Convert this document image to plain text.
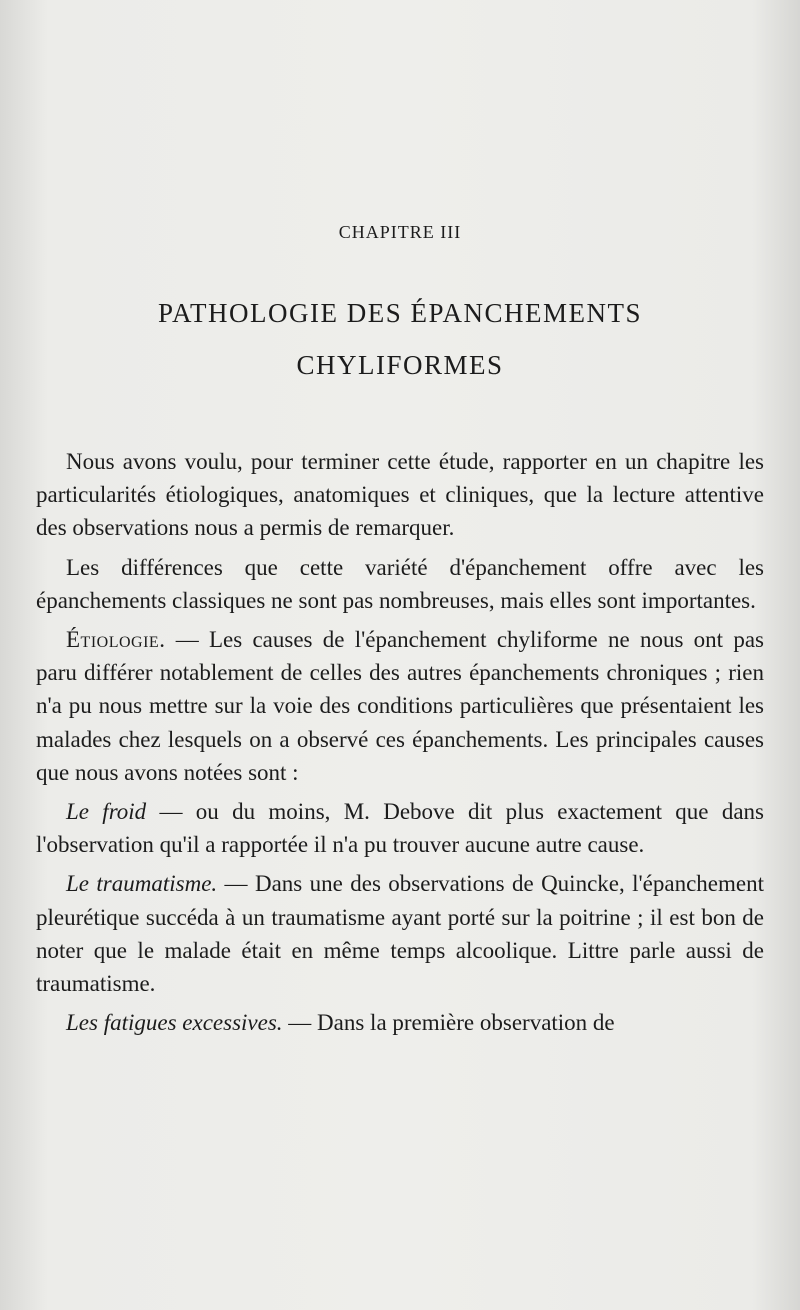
CHAPITRE III
PATHOLOGIE DES ÉPANCHEMENTS
CHYLIFORMES

Nous avons voulu, pour terminer cette étude, rapporter en un chapitre les particularités étiologiques, anatomiques et cliniques, que la lecture attentive des observations nous a permis de remarquer.

Les différences que cette variété d'épanchement offre avec les épanchements classiques ne sont pas nombreuses, mais elles sont importantes.

Étiologie. — Les causes de l'épanchement chyliforme ne nous ont pas paru différer notablement de celles des autres épanchements chroniques ; rien n'a pu nous mettre sur la voie des conditions particulières que présentaient les malades chez lesquels on a observé ces épanchements. Les principales causes que nous avons notées sont :

Le froid — ou du moins, M. Debove dit plus exactement que dans l'observation qu'il a rapportée il n'a pu trouver aucune autre cause.

Le traumatisme. — Dans une des observations de Quincke, l'épanchement pleurétique succéda à un traumatisme ayant porté sur la poitrine ; il est bon de noter que le malade était en même temps alcoolique. Littre parle aussi de traumatisme.

Les fatigues excessives. — Dans la première observation de
